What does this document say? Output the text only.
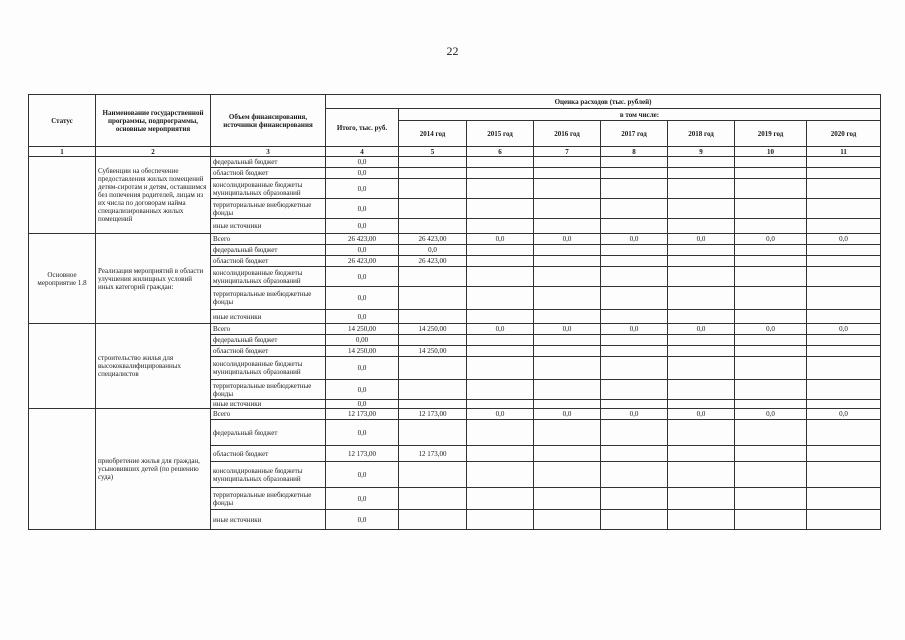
22
Статус	Наименование государственной программы, подпрограммы, основные мероприятия	Объем финансирования, источники финансирования	Оценка расходов (тыс. рублей)							
			Итого, тыс. руб.	в том числе:						
				2014 год	2015 год	2016 год	2017 год	2018 год	2019 год	2020 год
1	2	3	4	5	6	7	8	9	10	11
	Субвенции на обеспечение предоставления жилых помещений детям-сиротам и детям, оставшимся без попечения родителей, лицам из их числа по договорам найма специализированных жилых помещений	федеральный бюджет	0,0							
		областной бюджет	0,0							
		консолидированные бюджеты муниципальных образований	0,0							
		территориальные внебюджетные фонды	0,0							
		иные источники	0,0							
Основное мероприятие 1.8	Реализация мероприятий в области улучшения жилищных условий иных категорий граждан:	Всего	26 423,00	26 423,00	0,0	0,0	0,0	0,0	0,0	0,0
		федеральный бюджет	0,0	0,0						
		областной бюджет	26 423,00	26 423,00						
		консолидированные бюджеты муниципальных образований	0,0							
		территориальные внебюджетные фонды	0,0							
		иные источники	0,0							
	строительство жилья для высококвалифицированных специалистов	Всего	14 250,00	14 250,00	0,0	0,0	0,0	0,0	0,0	0,0
		федеральный бюджет	0,00							
		областной бюджет	14 250,00	14 250,00						
		консолидированные бюджеты муниципальных образований	0,0							
		территориальные внебюджетные фонды	0,0							
		иные источники	0,0							
	приобретение жилья для граждан, усыновивших детей (по решению суда)	Всего	12 173,00	12 173,00	0,0	0,0	0,0	0,0	0,0	0,0
		федеральный бюджет	0,0							
		областной бюджет	12 173,00	12 173,00						
		консолидированные бюджеты муниципальных образований	0,0							
		территориальные внебюджетные фонды	0,0							
		иные источники	0,0							
